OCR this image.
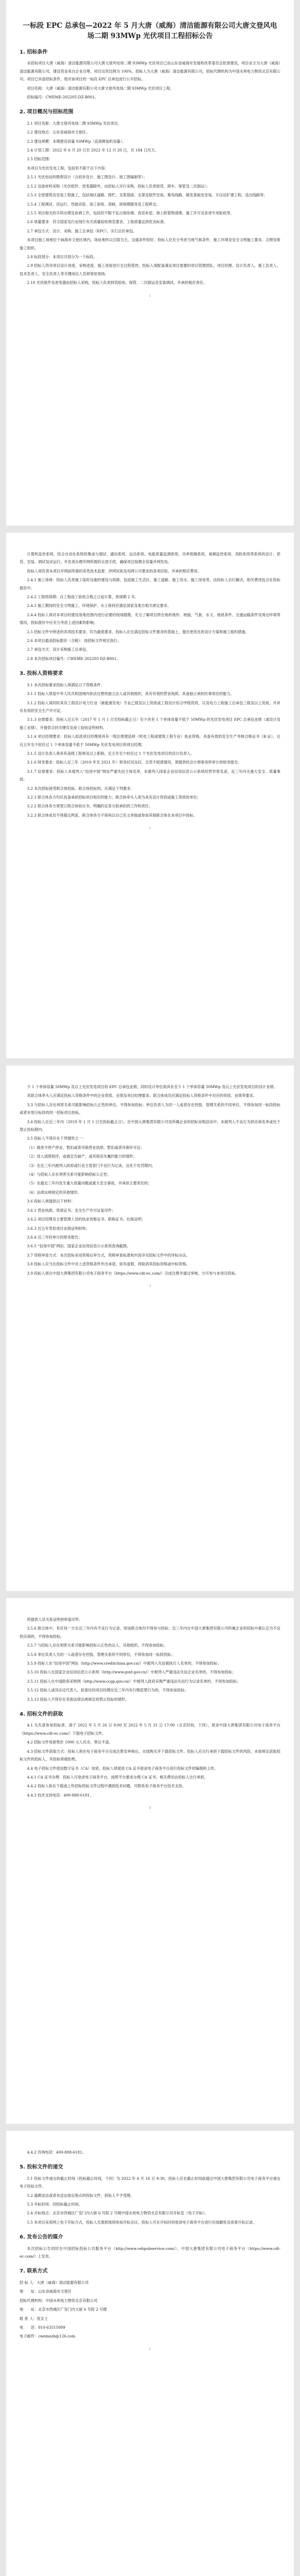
一标段 EPC 总承包—2022 年 5 月大唐（威海）清洁能源有限公司大唐文登风电场二期 93MWp 光伏项目工程招标公告
1. 招标条件

本招标项目大唐（威海）清洁能源有限公司大唐文登风电场二期 93MWp 光伏项目已由山东省威海市发展和改革委员会批准建设，项目业主为大唐（威海）清洁能源有限公司，建设资金来自企业自筹，项目出资比例为 100%。招标人为大唐（威海）清洁能源有限公司，招标代理机构为中国水利电力物资北京有限公司。项目已具备招标条件，现对该项目的一标段 EPC 总承包进行公开招标。

项目名称：大唐（威海）清洁能源有限公司大唐文登风电场二期 93MWp 光伏项目工程。

招标编号：CWEME-202205-DZ-B001。

2. 项目概况与招标范围

2.1 项目名称：大唐文登风电场二期 93MWp 光伏项目。

2.2 建设地点：山东省威海市文登区。

2.3 建设规模：本期建设容量 93MWp（直流侧装机容量）。

2.4 计划工期：2022 年 6 月 20 日至 2022 年 12 月 20 日，共 184 日历天。

2.5 招标范围：

本项目为光伏发电工程，包括但不限于以下内容：

2.5.1 光伏电站的勘察设计（含初步设计、施工图设计、竣工图编制等）；

2.5.2 设备材料采购（光伏组件、逆变器除外，由招标人另行采购，投标人负责接货、卸车、保管及二次倒运）；

2.5.3 全部建筑及安装工程施工，包括场区道路、围栏、支架基础、支架及组件安装、集电线路、箱变基础及安装、升压站扩建工程、送出线路等；

2.5.4 工程调试、试运行、性能试验、竣工验收、消缺、质保期服务及工程移交；

2.5.5 项目相关的手续办理及协调工作，包括但不限于征占地协调、青苗补偿、地上附着物清理、施工许可及各项专项验收等。

2.6 质量要求：符合国家及行业现行有关质量验收规范要求，工程质量达到优良标准。

2.7 承包方式：设计、采购、施工总承包（EPC），实行总价承包。

本项目施工场地位于威海市文登区境内，场址地形以丘陵为主，交通条件较好。投标人应充分考虑当地气候条件、施工环境及安全文明施工要求，合理安排施工组织。

2.8 标段划分：本项目共划分为一个标段。

2.9 招标人将对项目设计进度、采购进度、施工进度进行全过程管控，投标人须配备满足项目需要的项目管理团队，项目经理、设计负责人、施工负责人、技术负责人、安全负责人等关键岗位人员须常驻现场。

2.10 光伏组件及逆变器由招标人采购，投标人负责到货验收、保管、二次倒运及安装调试，并承担相应责任。

1

计算机监控系统、综合自动化系统的集成与调试、通信系统、远动系统、电能质量监测系统、功率预测系统、视频监控系统、消防系统等系统的设计、供货、安装、调试及试运行，并负责办理并网所需的全部手续，确保项目按期全容量并网发电。

投标人须负责本项目并网前所需的各类技术监督、涉网试验及电网公司要求的各项试验，并承担相应费用。

2.4.1 施工场地：投标人负责施工临时设施的建设与拆除，包括施工生活区、施工道路、施工用水、施工用电等，由投标人自行解决，相关费用包含在投标报价中。

2.4.2 工程质保期：自工程竣工验收合格之日起计算，质保期 2 年。

2.4.3 施工期间的安全文明施工、环境保护、水土保持应满足国家及地方相关规定要求。

2.4.4 投标人须对本项目的建设用地范围内进行必要的现场踏勘，充分了解项目所在地的地形、地貌、气象、水文、地质条件、交通运输条件及周边环境等情况，投标报价中应充分考虑上述因素的影响。

2.5 招标文件中所述的各项技术要求，均为最低要求，投标人应在满足招标文件要求的基础上，提出更优化的设计方案和施工组织措施。

2.6 本项目最高投标限价（含税）：按招标文件规定执行。

2.7 承包方式：设计采购施工总承包。

2.8 本次招标项目编号：CWEME-202205-DZ-B001。

3. 投标人资格要求

3.1 本次招标要求投标人须满足以下资格条件：

3.1.1 投标人须是中华人民共和国境内依法注册的独立法人或其他组织，具有有效的营业执照，具备独立承担民事责任的能力。

3.1.2 投标人须同时具有工程设计电力行业（新能源发电）专业乙级及以上资质或工程设计综合甲级资质，以及电力工程施工总承包三级及以上资质，并具有有效的安全生产许可证。

3.1.3 业绩要求：投标人近五年（2017 年 1 月 1 日至投标截止日）至少具有 1 个单体容量不低于 50MWp 的光伏发电项目 EPC 总承包业绩（或设计及施工业绩），并提供合同关键页及竣工验收证明材料。

3.1.4 项目经理要求：投标人拟派项目经理须具有一级注册建造师（机电工程或建筑工程专业）执业资格，具备有效的安全生产考核合格证书（B 证），且近五年至少担任过 1 个单体容量不低于 50MWp 光伏发电项目的项目经理。

3.1.5 设计负责人须具有高级工程师及以上职称，近五年至少担任过 1 个光伏发电项目的设计负责人。

3.1.6 财务要求：投标人近三年（2019 年至 2021 年）财务状况良好，无资不抵债情况，须提供经会计师事务所审计的财务报告。

3.1.7 信誉要求：投标人未被列入“信用中国”网站严重失信主体名单，未被列入国家企业信用信息公示系统经营异常名录，近三年内无重大安全、质量事故。

3.2 本次招标接受联合体投标。联合体投标的，应满足下列要求：

3.2.1 联合体各方均应具备承担招标项目相应的能力；联合体牵头人须为具有设计资质或施工资质的单位；

3.2.2 联合体各方须签订联合体协议书，明确约定各方拟承担的工作和责任；

3.2.3 联合体成员不得超过两家，联合体各方不得再以自己名义单独或参加其他联合体在本项目中投标。

2

少 1 个单体容量 50MWp 及以上光伏发电项目的 EPC 总承包业绩，同时设计单位须具有至少 1 个单体容量 50MWp 及以上光伏发电项目的设计业绩。

其联合体牵头人应满足投标人资格条件中的企业资质、业绩及项目经理要求；联合体成员应满足投标人资格条件中对应的资质、业绩等要求。

3.3 与招标人存在利害关系可能影响招标公正性的单位，不得参加投标；单位负责人为同一人或者存在控股、管理关系的不同单位，不得参加同一标段投标或者未划分标段的同一招标项目投标。

3.4 投标人在近三年内（2019 年 1 月 1 日至投标截止日），在中国大唐集团有限公司及所属企业的招标采购活动中，未被列入不良行为供应商名单或处于禁止投标期内。

3.5 投标人不得存在下列情形之一：

（1）被责令停产停业、暂扣或者吊销营业执照、暂扣或者吊销许可证；

（2）进入清算程序，或被宣告破产，或其他丧失履约能力的情形；

（3）在近三年内被列入政府或行业主管部门不良行为记录，且处于处罚期内；

（4）与招标人存在利害关系可能影响招标公正性；

（5）在最近三年内发生重大质量问题或重大安全事故，并承担主要责任的；

（6）法律法规规定的其他情形。

3.6 投标人须提供以下材料：

3.6.1 营业执照、资质证书、安全生产许可证复印件；

3.6.2 项目经理及主要管理人员的执业资格证书、职称证书、社保证明；

3.6.3 近五年类似项目业绩证明材料；

3.6.4 近三年经审计的财务报告；

3.6.5 “信用中国”网站、国家企业信用信息公示系统查询截图。

3.7 资格审查方式：本次招标采用资格后审方式，资格审查标准和内容详见招标文件中的评标办法。

3.8 投标人应当在投标文件中对上述资格条件作出承诺，如有虚假，将取消其投标资格或中标资格。

3.9 投标人须在中国大唐集团有限公司电子商务平台（https://www.cdt-ec.com/）完成注册并通过审核，方可参与本项目投标。

3

的提供人员关系证明材料复印件。

3.5.6 联合体中，有任何一方在近三年内有不良行为记录，则该联合体均不得参与投标；近三年内在中国大唐集团有限公司所属企业的招标中被认定为不良供应商的，不得参加投标。

3.5.7 与招标人存在利害关系可能影响招标公正性的法人、其他组织，不得参加投标；

3.5.8 单位负责人为同一人或者存在控股、管理关系的不同单位，不得参加同一标段投标；

3.5.9 投标人在“信用中国”网站（http://www.creditchina.gov.cn/）中被列入失信被执行人名单的，不得参加投标；

3.5.10 投标人在国家企业信用信息公示系统（http://www.gsxt.gov.cn/）中被列入严重违法失信企业名单的，不得参加投标；

3.5.11 投标人在中国政府采购网（http://www.ccgp.gov.cn/）中被列入政府采购严重违法失信行为记录名单的，不得参加投标；

3.5.12 投标人或其法定代表人、拟委任的项目经理在近三年内有行贿犯罪行为的，不得参加投标；

3.5.13 投标人不得存在其他法律法规规定的禁止投标的情形。

4. 招标文件的获取

4.1 凡有意参加投标者，请于 2022 年 5 月 26 日 9:00 至 2022 年 5 月 31 日 17:00（北京时间，下同），登录中国大唐集团有限公司电子商务平台（https://www.cdt-ec.com/）下载电子招标文件。

4.2 招标文件每套售价 1000 元人民币，售后不退。

4.3 招标文件获取方式：投标人须在电子商务平台完成注册及审核后，在线购买并下载招标文件。投标人应自行承担下载招标文件的风险，未按规定获取招标文件的投标人，其投标将被拒绝。

4.4 电子招标文件使用数字证书（CA）加密，投标人须使用 CA 证书登录电子商务平台进行投标文件的编制和上传。

4.4.1 CA 证书办理：投标人可登录电子商务平台，按照平台要求办理 CA 证书，相关费用由投标人自行承担。

4.4.2 投标人如在下载或上传招标投标文件过程中遇到技术问题，可联系电子商务平台技术支持。

4.4.3 技术支持电话：400-888-6181。

4

4.4.2 咨询电话：400-888-6181。

5. 投标文件的递交

5.1 投标文件递交的截止时间（投标截止时间，下同）为 2022 年 6 月 16 日 9:30，投标人应在截止时间前通过中国大唐集团有限公司电子商务平台递交电子投标文件。

5.2 逾期送达或者未送达指定地点的投标文件，招标人不予受理。

5.3 开标时间：同投标截止时间。

5.4 开标地点：北京市西城区广安门内大街 6 号院 2 号楼中国水利电力物资北京有限公司开标室（电子开标）。

5.5 本项目采用网上电子开标方式，投标人无需到现场参加开标会议，投标人可在开标时间登录电子商务平台进行在线解密及查看开标记录。

6. 发布公告的媒介

本次招标公告同时在中国招标投标公共服务平台（http://www.cebpubservice.com/）、中国大唐集团有限公司电子商务平台（https://www.cdt-ec.com/）上发布。

7. 联系方式

招 标 人：大唐（威海）清洁能源有限公司

地　　址：山东省威海市文登区

招标代理机构：中国水利电力物资北京有限公司

地　　址：北京市西城区广安门内大街 6 号院 2 号楼

联 系 人：张女士

电　　话：010-63515099

电子邮件：cwemezb@126.com

5
